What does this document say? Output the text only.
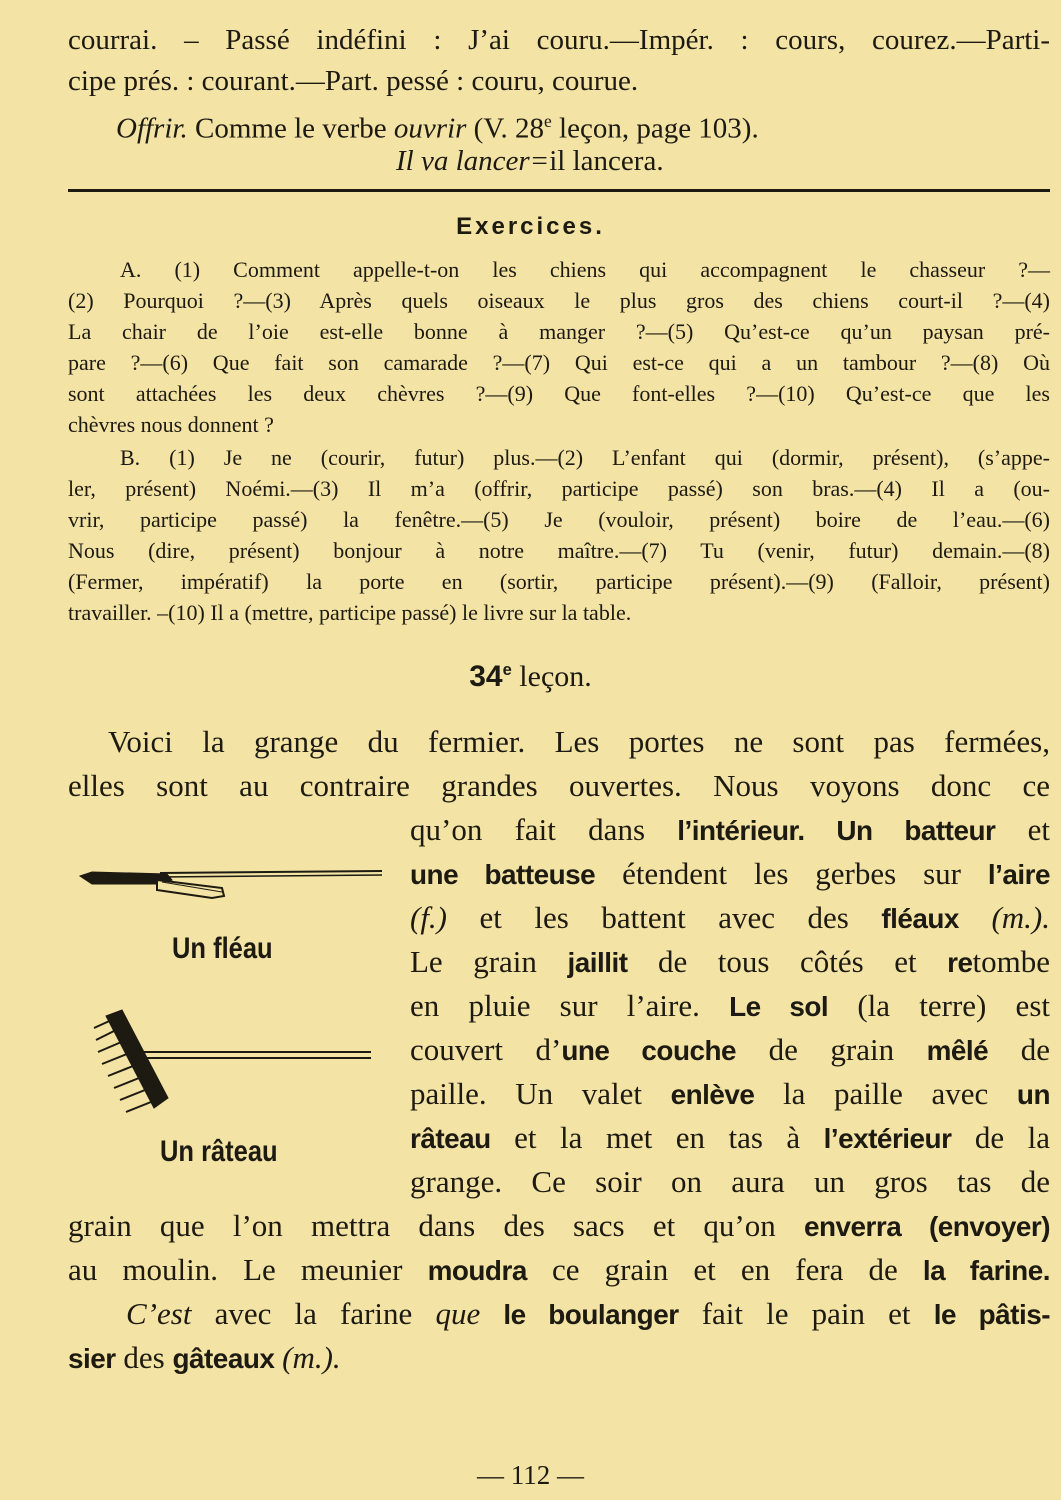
courrai. – Passé indéfini : J’ai couru.—Impér. : cours, courez.—Parti-
cipe prés. : courant.—Part. pessé : couru, courue.
Offrir. Comme le verbe ouvrir (V. 28e leçon, page 103).
Il va lancer=il lancera.
Exercices.
A. (1) Comment appelle-t-on les chiens qui accompagnent le chasseur ?—
(2) Pourquoi ?—(3) Après quels oiseaux le plus gros des chiens court-il ?—(4)
La chair de l’oie est-elle bonne à manger ?—(5) Qu’est-ce qu’un paysan pré-
pare ?—(6) Que fait son camarade ?—(7) Qui est-ce qui a un tambour ?—(8) Où
sont attachées les deux chèvres ?—(9) Que font-elles ?—(10) Qu’est-ce que les
chèvres nous donnent ?
B. (1) Je ne (courir, futur) plus.—(2) L’enfant qui (dormir, présent), (s’appe-
ler, présent) Noémi.—(3) Il m’a (offrir, participe passé) son bras.—(4) Il a (ou-
vrir, participe passé) la fenêtre.—(5) Je (vouloir, présent) boire de l’eau.—(6)
Nous (dire, présent) bonjour à notre maître.—(7) Tu (venir, futur) demain.—(8)
(Fermer, impératif) la porte en (sortir, participe présent).—(9) (Falloir, présent)
travailler. –(10) Il a (mettre, participe passé) le livre sur la table.
34e leçon.
Voici la grange du fermier. Les portes ne sont pas fermées,
elles sont au contraire grandes ouvertes. Nous voyons donc ce
qu’on fait dans l’intérieur. Un batteur et
une batteuse étendent les gerbes sur l’aire
(f.) et les battent avec des fléaux (m.).
Le grain jaillit de tous côtés et retombe
en pluie sur l’aire. Le sol (la terre) est
couvert d’une couche de grain mêlé de
paille. Un valet enlève la paille avec un
râteau et la met en tas à l’extérieur de la
grange. Ce soir on aura un gros tas de
grain que l’on mettra dans des sacs et qu’on enverra (envoyer)
au moulin. Le meunier moudra ce grain et en fera de la farine.
C’est avec la farine que le boulanger fait le pain et le pâtis-
sier des gâteaux (m.).
Un fléau
Un râteau
— 112 —
